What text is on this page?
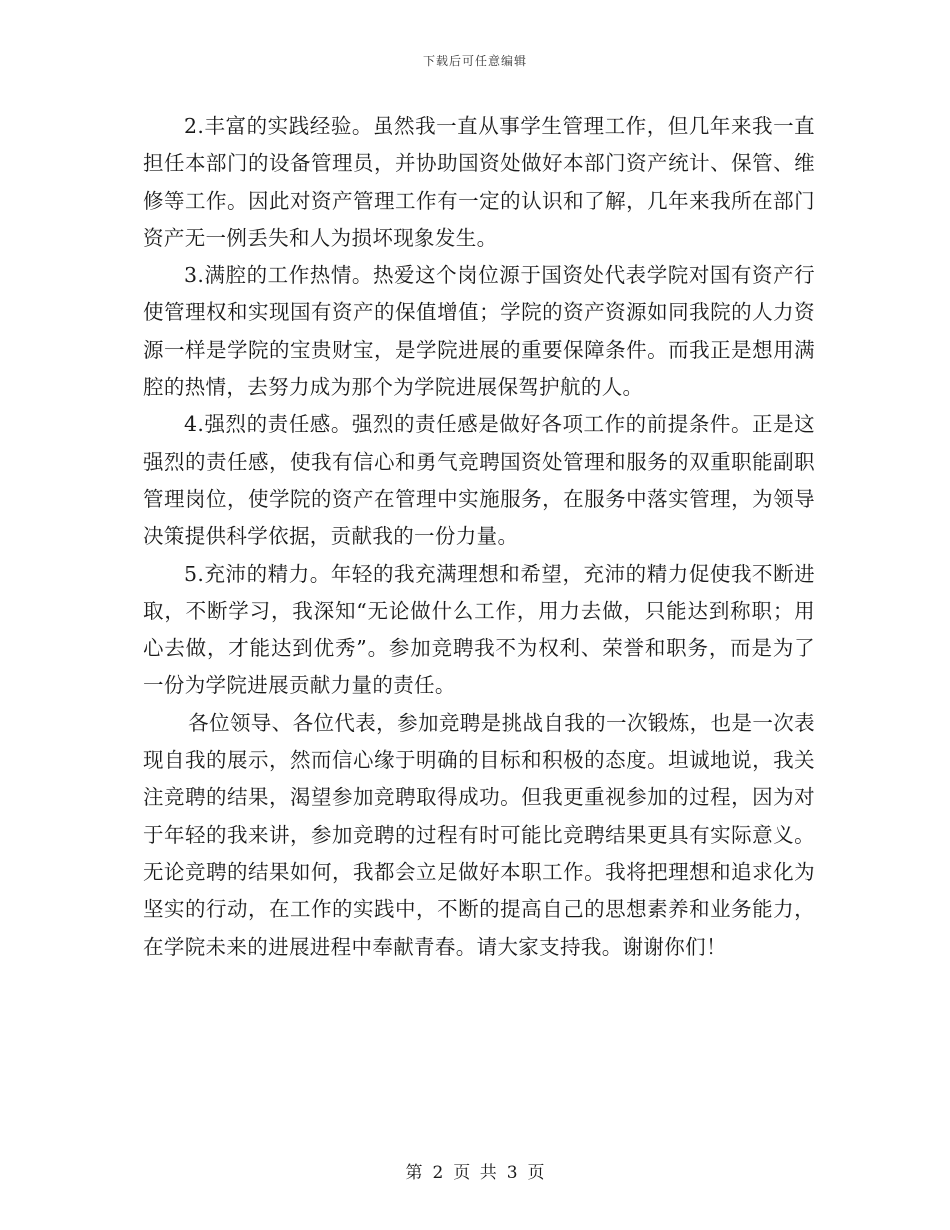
下载后可任意编辑

2.丰富的实践经验。虽然我一直从事学生管理工作，但几年来我一直担任本部门的设备管理员，并协助国资处做好本部门资产统计、保管、维修等工作。因此对资产管理工作有一定的认识和了解，几年来我所在部门资产无一例丢失和人为损坏现象发生。

3.满腔的工作热情。热爱这个岗位源于国资处代表学院对国有资产行使管理权和实现国有资产的保值增值；学院的资产资源如同我院的人力资源一样是学院的宝贵财宝，是学院进展的重要保障条件。而我正是想用满腔的热情，去努力成为那个为学院进展保驾护航的人。

4.强烈的责任感。强烈的责任感是做好各项工作的前提条件。正是这强烈的责任感，使我有信心和勇气竞聘国资处管理和服务的双重职能副职管理岗位，使学院的资产在管理中实施服务，在服务中落实管理，为领导决策提供科学依据，贡献我的一份力量。

5.充沛的精力。年轻的我充满理想和希望，充沛的精力促使我不断进取，不断学习，我深知“无论做什么工作，用力去做，只能达到称职；用心去做，才能达到优秀”。参加竞聘我不为权利、荣誉和职务，而是为了一份为学院进展贡献力量的责任。

各位领导、各位代表，参加竞聘是挑战自我的一次锻炼，也是一次表现自我的展示，然而信心缘于明确的目标和积极的态度。坦诚地说，我关注竞聘的结果，渴望参加竞聘取得成功。但我更重视参加的过程，因为对于年轻的我来讲，参加竞聘的过程有时可能比竞聘结果更具有实际意义。无论竞聘的结果如何，我都会立足做好本职工作。我将把理想和追求化为坚实的行动，在工作的实践中，不断的提高自己的思想素养和业务能力，在学院未来的进展进程中奉献青春。请大家支持我。谢谢你们！

第 2 页 共 3 页
